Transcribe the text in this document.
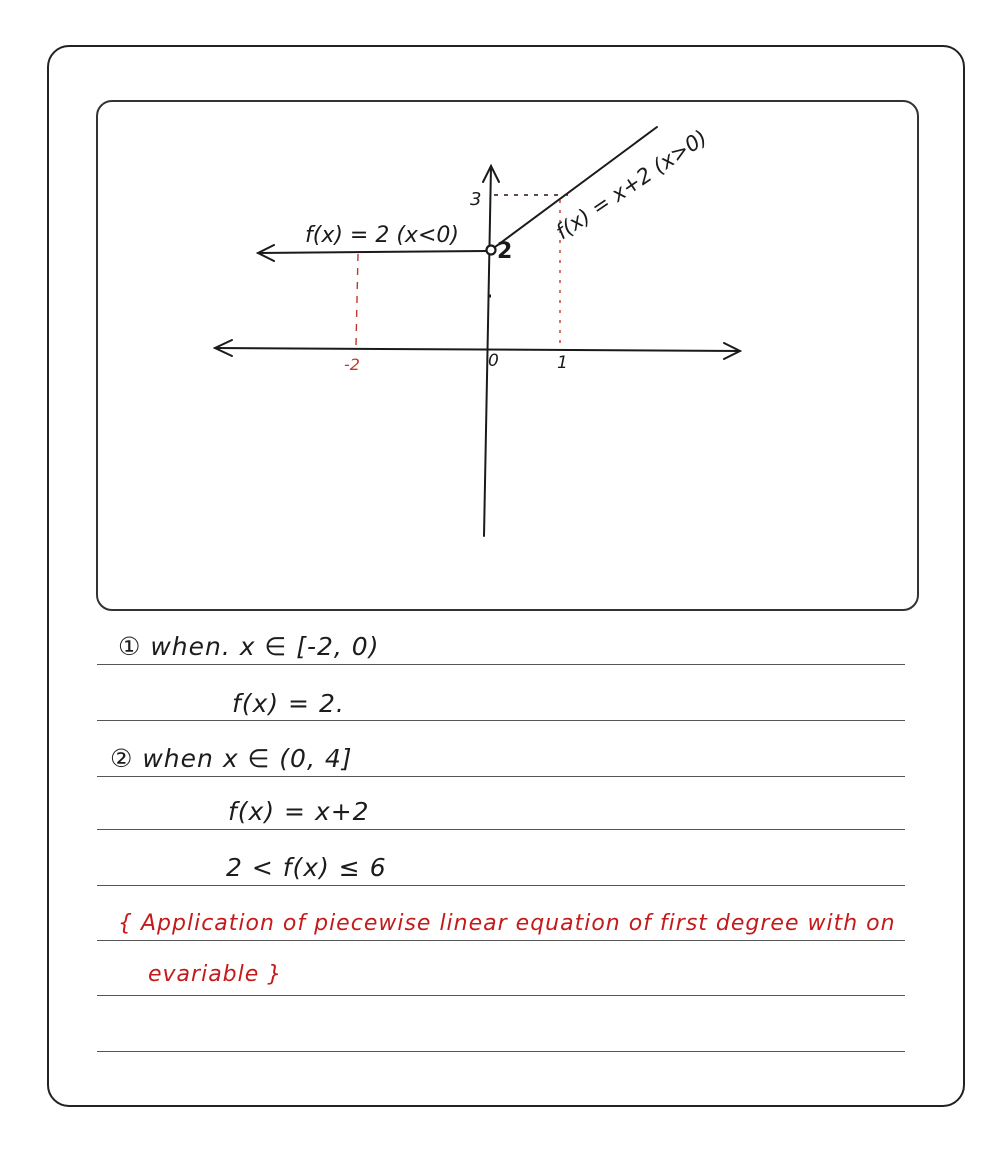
f(x) = 2 (x<0)	f(x) = x+2 (x>0)
3
2
-2	0	1
① when. x ∈ [-2, 0)
f(x) = 2.
② when x ∈ (0, 4]
f(x) = x+2
2 < f(x) ≤ 6
{ Application of piecewise linear equation of first degree with on
evariable }
